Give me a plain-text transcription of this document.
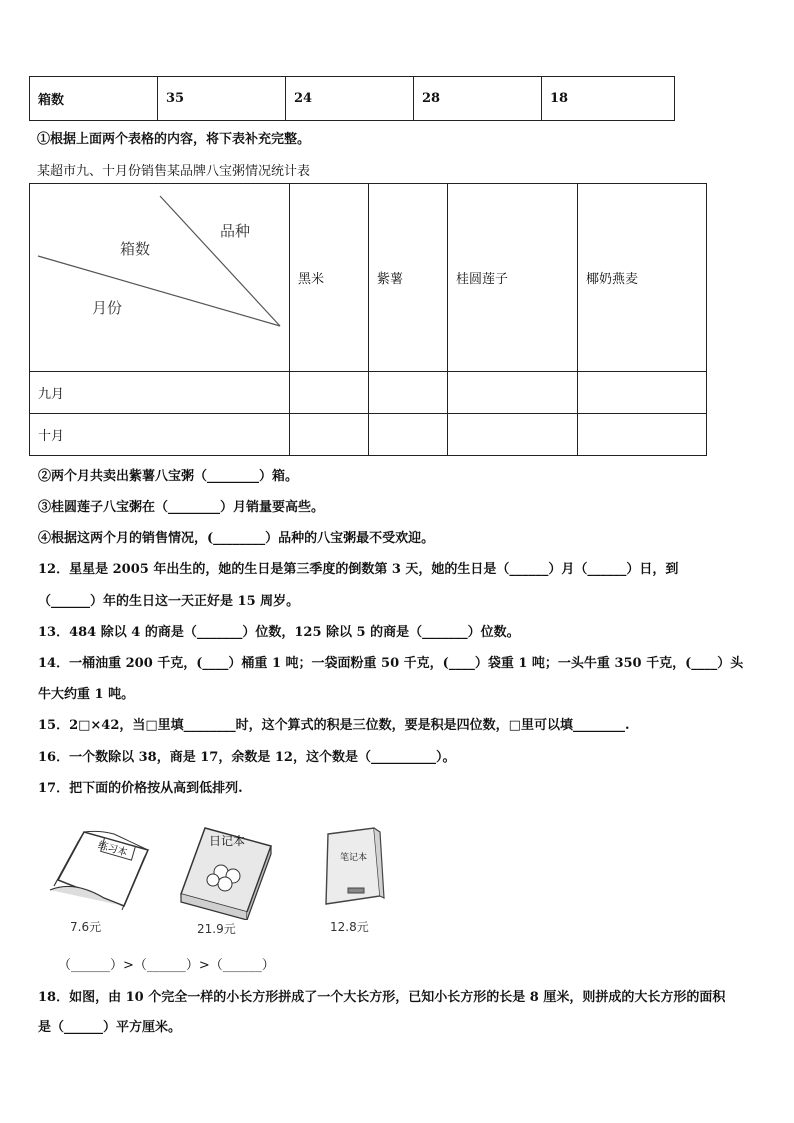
箱数	35	24	28	18
①根据上面两个表格的内容，将下表补充完整。
某超市九、十月份销售某品牌八宝粥情况统计表
品种
箱数
月份	黑米	紫薯	桂圆莲子	椰奶燕麦
九月				
十月				
②两个月共卖出紫薯八宝粥（________）箱。
③桂圆莲子八宝粥在（________）月销量要高些。
④根据这两个月的销售情况，(________）品种的八宝粥最不受欢迎。
12．星星是 2005 年出生的，她的生日是第三季度的倒数第 3 天，她的生日是（______）月（______）日，到
（______）年的生日这一天正好是 15 周岁。
13．484 除以 4 的商是（_______）位数，125 除以 5 的商是（_______）位数。
14．一桶油重 200 千克，(____）桶重 1 吨；一袋面粉重 50 千克，(____）袋重 1 吨；一头牛重 350 千克，(____）头
牛大约重 1 吨。
15．2□×42，当□里填________时，这个算式的积是三位数，要是积是四位数，□里可以填________.
16．一个数除以 38，商是 17，余数是 12，这个数是（__________）。
17．把下面的价格按从高到低排列.
练习本
7.6元
日记本
21.9元
笔记本
12.8元
（______）>（______）>（______）
18．如图，由 10 个完全一样的小长方形拼成了一个大长方形，已知小长方形的长是 8 厘米，则拼成的大长方形的面积
是（______）平方厘米。
